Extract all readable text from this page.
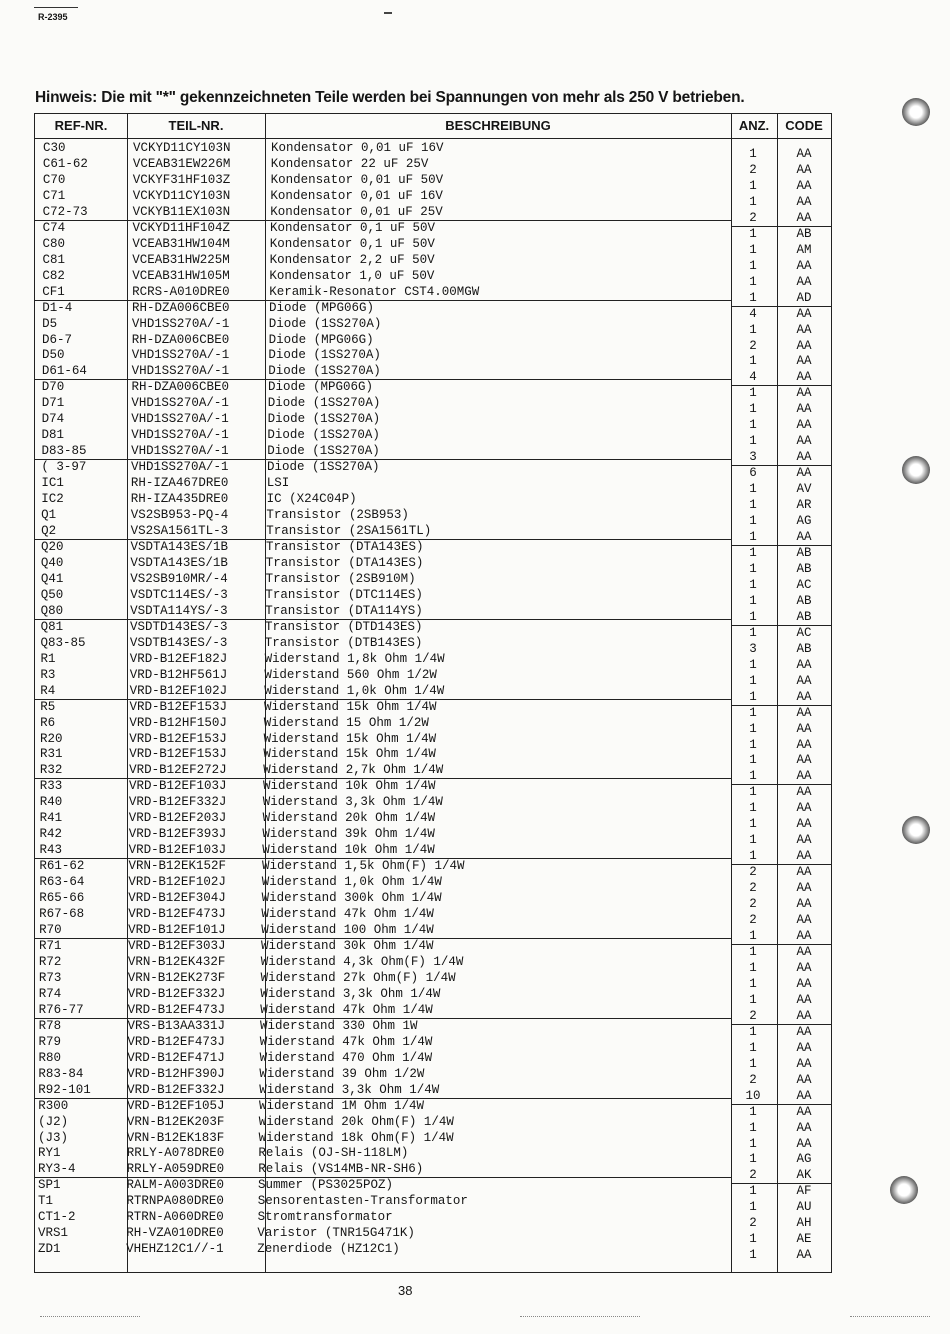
R-2395
Hinweis: Die mit "*" gekennzeichneten Teile werden bei Spannungen von mehr als 250 V betrieben.
REF-NR.	TEIL-NR.	BESCHREIBUNG	ANZ.	CODE
C30	VCKYD11CY103N	Kondensator 0,01 uF 16V	1	AA
C61-62	VCEAB31EW226M	Kondensator 22 uF 25V	2	AA
C70	VCKYF31HF103Z	Kondensator 0,01 uF 50V	1	AA
C71	VCKYD11CY103N	Kondensator 0,01 uF 16V	1	AA
C72-73	VCKYB11EX103N	Kondensator 0,01 uF 25V	2	AA
C74	VCKYD11HF104Z	Kondensator 0,1 uF 50V	1	AB
C80	VCEAB31HW104M	Kondensator 0,1 uF 50V	1	AM
C81	VCEAB31HW225M	Kondensator 2,2 uF 50V	1	AA
C82	VCEAB31HW105M	Kondensator 1,0 uF 50V	1	AA
CF1	RCRS-A010DRE0	Keramik-Resonator CST4.00MGW	1	AD
D1-4	RH-DZA006CBE0	Diode (MPG06G)	4	AA
D5	VHD1SS270A/-1	Diode (1SS270A)	1	AA
D6-7	RH-DZA006CBE0	Diode (MPG06G)	2	AA
D50	VHD1SS270A/-1	Diode (1SS270A)	1	AA
D61-64	VHD1SS270A/-1	Diode (1SS270A)	4	AA
D70	RH-DZA006CBE0	Diode (MPG06G)	1	AA
D71	VHD1SS270A/-1	Diode (1SS270A)	1	AA
D74	VHD1SS270A/-1	Diode (1SS270A)	1	AA
D81	VHD1SS270A/-1	Diode (1SS270A)	1	AA
D83-85	VHD1SS270A/-1	Diode (1SS270A)	3	AA
( 3-97	VHD1SS270A/-1	Diode (1SS270A)	6	AA
IC1	RH-IZA467DRE0	LSI	1	AV
IC2	RH-IZA435DRE0	IC (X24C04P)	1	AR
Q1	VS2SB953-PQ-4	Transistor (2SB953)	1	AG
Q2	VS2SA1561TL-3	Transistor (2SA1561TL)	1	AA
Q20	VSDTA143ES/1B	Transistor (DTA143ES)	1	AB
Q40	VSDTA143ES/1B	Transistor (DTA143ES)	1	AB
Q41	VS2SB910MR/-4	Transistor (2SB910M)	1	AC
Q50	VSDTC114ES/-3	Transistor (DTC114ES)	1	AB
Q80	VSDTA114YS/-3	Transistor (DTA114YS)	1	AB
Q81	VSDTD143ES/-3	Transistor (DTD143ES)	1	AC
Q83-85	VSDTB143ES/-3	Transistor (DTB143ES)	3	AB
R1	VRD-B12EF182J	Widerstand 1,8k Ohm 1/4W	1	AA
R3	VRD-B12HF561J	Widerstand 560 Ohm 1/2W	1	AA
R4	VRD-B12EF102J	Widerstand 1,0k Ohm 1/4W	1	AA
R5	VRD-B12EF153J	Widerstand 15k Ohm 1/4W	1	AA
R6	VRD-B12HF150J	Widerstand 15 Ohm 1/2W	1	AA
R20	VRD-B12EF153J	Widerstand 15k Ohm 1/4W	1	AA
R31	VRD-B12EF153J	Widerstand 15k Ohm 1/4W	1	AA
R32	VRD-B12EF272J	Widerstand 2,7k Ohm 1/4W	1	AA
R33	VRD-B12EF103J	Widerstand 10k Ohm 1/4W	1	AA
R40	VRD-B12EF332J	Widerstand 3,3k Ohm 1/4W	1	AA
R41	VRD-B12EF203J	Widerstand 20k Ohm 1/4W	1	AA
R42	VRD-B12EF393J	Widerstand 39k Ohm 1/4W	1	AA
R43	VRD-B12EF103J	Widerstand 10k Ohm 1/4W	1	AA
R61-62	VRN-B12EK152F	Widerstand 1,5k Ohm(F) 1/4W	2	AA
R63-64	VRD-B12EF102J	Widerstand 1,0k Ohm 1/4W	2	AA
R65-66	VRD-B12EF304J	Widerstand 300k Ohm 1/4W	2	AA
R67-68	VRD-B12EF473J	Widerstand 47k Ohm 1/4W	2	AA
R70	VRD-B12EF101J	Widerstand 100 Ohm 1/4W	1	AA
R71	VRD-B12EF303J	Widerstand 30k Ohm 1/4W	1	AA
R72	VRN-B12EK432F	Widerstand 4,3k Ohm(F) 1/4W	1	AA
R73	VRN-B12EK273F	Widerstand 27k Ohm(F) 1/4W	1	AA
R74	VRD-B12EF332J	Widerstand 3,3k Ohm 1/4W	1	AA
R76-77	VRD-B12EF473J	Widerstand 47k Ohm 1/4W	2	AA
R78	VRS-B13AA331J	Widerstand 330 Ohm 1W	1	AA
R79	VRD-B12EF473J	Widerstand 47k Ohm 1/4W	1	AA
R80	VRD-B12EF471J	Widerstand 470 Ohm 1/4W	1	AA
R83-84	VRD-B12HF390J	Widerstand 39 Ohm 1/2W	2	AA
R92-101	VRD-B12EF332J	Widerstand 3,3k Ohm 1/4W	10	AA
R300	VRD-B12EF105J	Widerstand 1M Ohm 1/4W	1	AA
(J2)	VRN-B12EK203F	Widerstand 20k Ohm(F) 1/4W	1	AA
(J3)	VRN-B12EK183F	Widerstand 18k Ohm(F) 1/4W	1	AA
RY1	RRLY-A078DRE0	Relais (OJ-SH-118LM)	1	AG
RY3-4	RRLY-A059DRE0	Relais (VS14MB-NR-SH6)	2	AK
SP1	RALM-A003DRE0	Summer (PS3025POZ)	1	AF
T1	RTRNPA080DRE0	Sensorentasten-Transformator	1	AU
CT1-2	RTRN-A060DRE0	Stromtransformator	2	AH
VRS1	RH-VZA010DRE0	Varistor (TNR15G471K)	1	AE
ZD1	VHEHZ12C1//-1	Zenerdiode (HZ12C1)	1	AA
38
